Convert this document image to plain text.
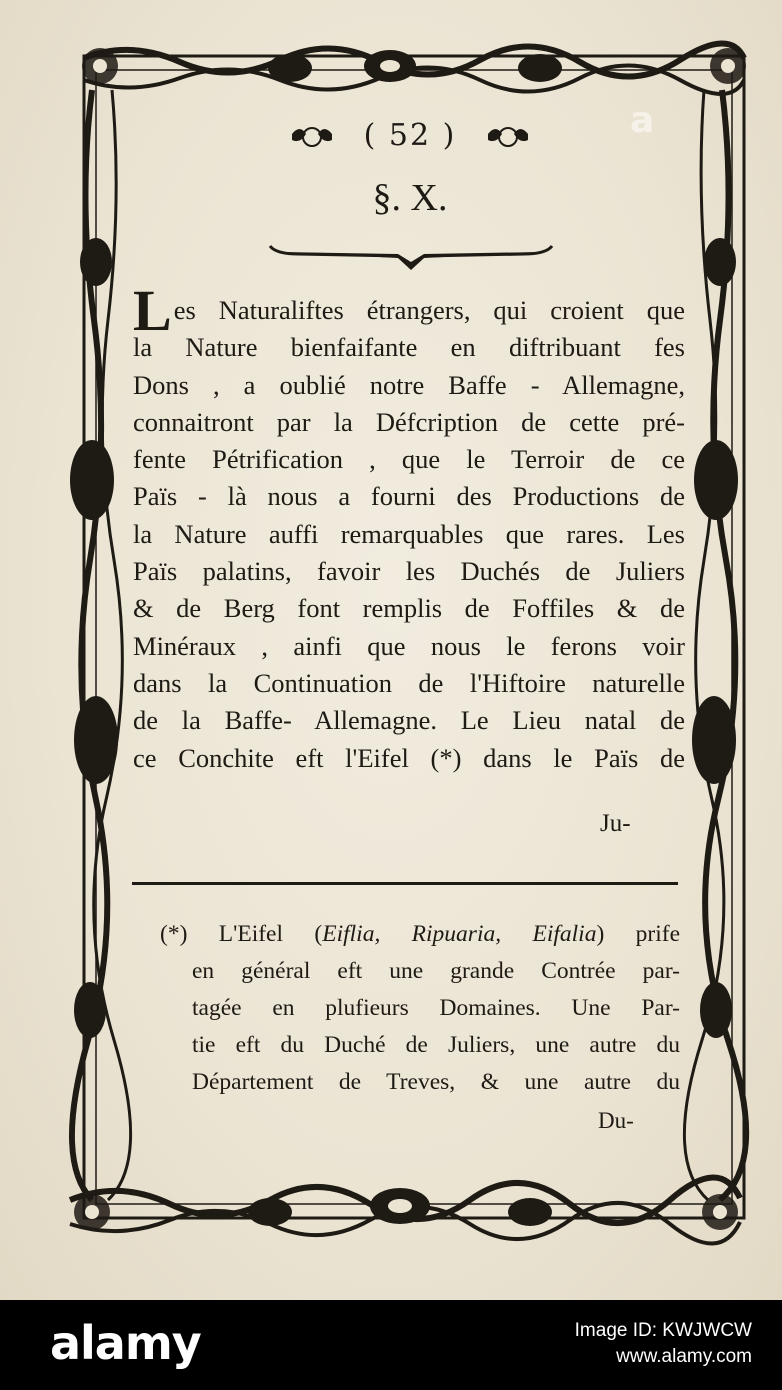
a
( 52 )
§. X.
Les Naturaliftes étrangers, qui croient que
la Nature bienfaifante en diftribuant fes
Dons , a oublié notre Baffe - Allemagne,
connaitront par la Défcription de cette pré-
fente Pétrification , que le Terroir de ce
Païs - là nous a fourni des Productions de
la Nature auffi remarquables que rares. Les
Païs palatins, favoir les Duchés de Juliers
& de Berg font remplis de Foffiles & de
Minéraux , ainfi que nous le ferons voir
dans la Continuation de l'Hiftoire naturelle
de la Baffe- Allemagne. Le Lieu natal de
ce Conchite eft l'Eifel (*) dans le Païs de
Ju-
(*) L'Eifel (Eiflia, Ripuaria, Eifalia) prife
en général eft une grande Contrée par-
tagée en plufieurs Domaines. Une Par-
tie eft du Duché de Juliers, une autre du
Département de Treves, & une autre du
Du-
alamy	Image ID: KWJWCW
www.alamy.com
